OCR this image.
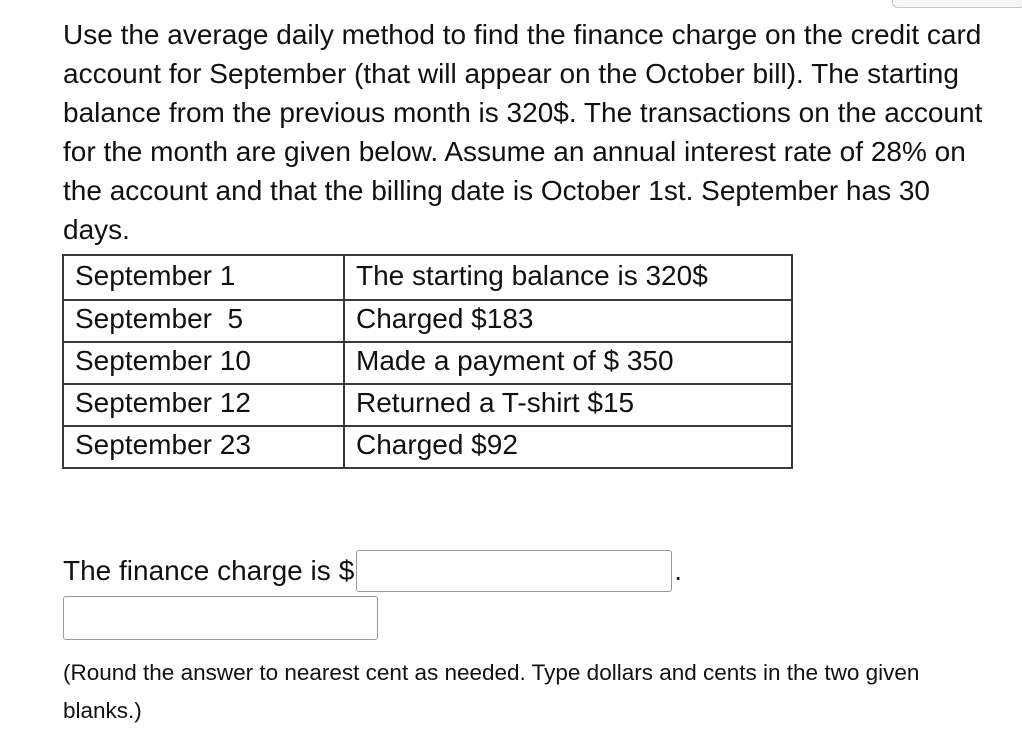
Use the average daily method to find the finance charge on the credit card account for September (that will appear on the October bill). The starting balance from the previous month is 320$. The transactions on the account for the month are given below. Assume an annual interest rate of 28% on the account and that the billing date is October 1st. September has 30 days.

September 1	The starting balance is 320$
September  5	Charged $183
September 10	Made a payment of $ 350
September 12	Returned a T-shirt $15
September 23	Charged $92
The finance charge is $	.

(Round the answer to nearest cent as needed. Type dollars and cents in the two given blanks.)
